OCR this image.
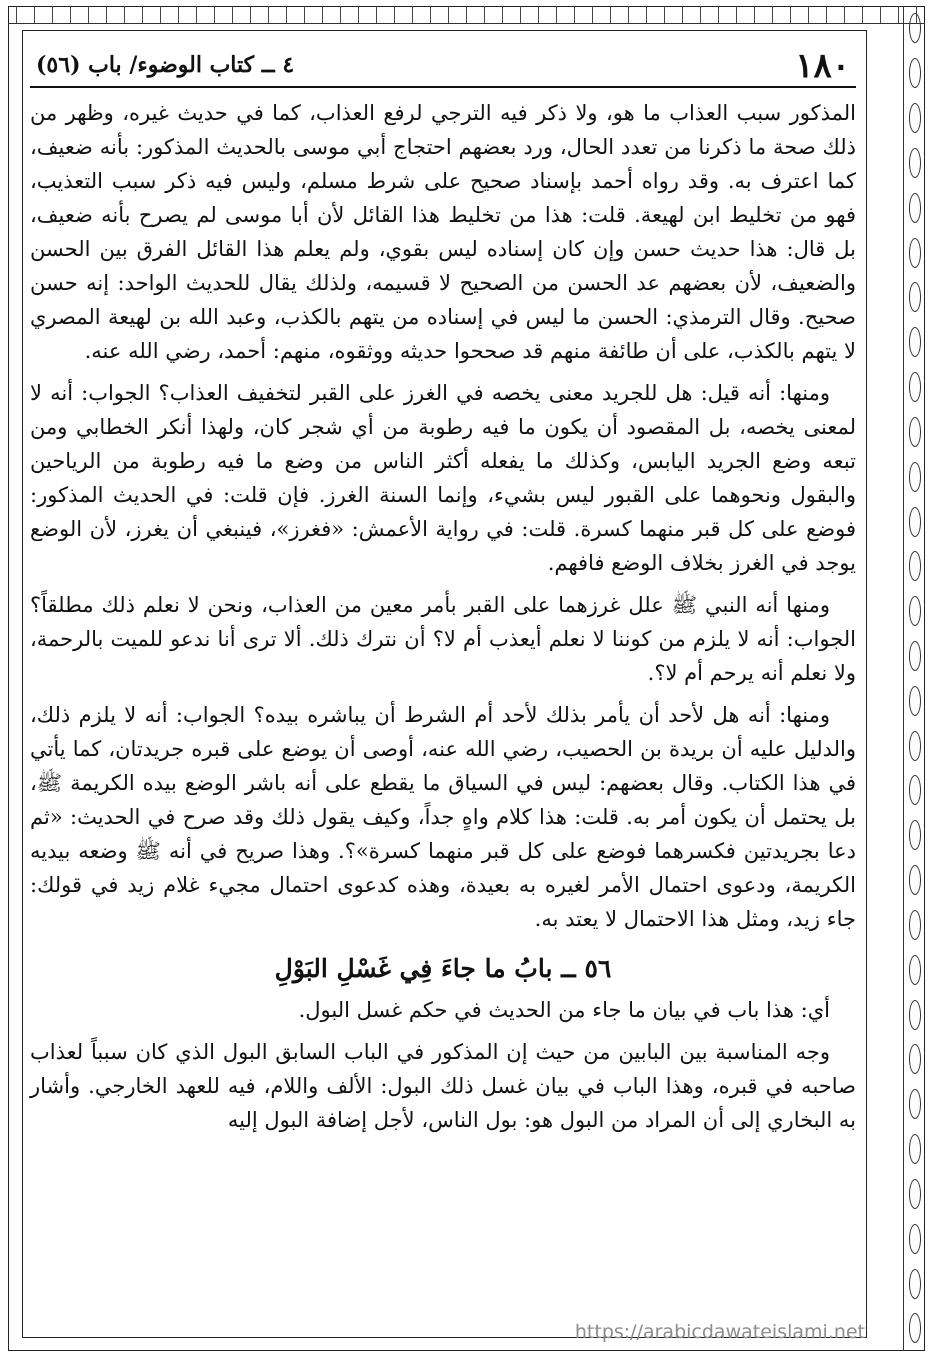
١٨٠
٤ ــ كتاب الوضوء/ باب (٥٦)

المذكور سبب العذاب ما هو، ولا ذكر فيه الترجي لرفع العذاب، كما في حديث غيره، وظهر من ذلك صحة ما ذكرنا من تعدد الحال، ورد بعضهم احتجاج أبي موسى بالحديث المذكور: بأنه ضعيف، كما اعترف به. وقد رواه أحمد بإسناد صحيح على شرط مسلم، وليس فيه ذكر سبب التعذيب، فهو من تخليط ابن لهيعة. قلت: هذا من تخليط هذا القائل لأن أبا موسى لم يصرح بأنه ضعيف، بل قال: هذا حديث حسن وإن كان إسناده ليس بقوي، ولم يعلم هذا القائل الفرق بين الحسن والضعيف، لأن بعضهم عد الحسن من الصحيح لا قسيمه، ولذلك يقال للحديث الواحد: إنه حسن صحيح. وقال الترمذي: الحسن ما ليس في إسناده من يتهم بالكذب، وعبد الله بن لهيعة المصري لا يتهم بالكذب، على أن طائفة منهم قد صححوا حديثه ووثقوه، منهم: أحمد، رضي الله عنه.

ومنها: أنه قيل: هل للجريد معنى يخصه في الغرز على القبر لتخفيف العذاب؟ الجواب: أنه لا لمعنى يخصه، بل المقصود أن يكون ما فيه رطوبة من أي شجر كان، ولهذا أنكر الخطابي ومن تبعه وضع الجريد اليابس، وكذلك ما يفعله أكثر الناس من وضع ما فيه رطوبة من الرياحين والبقول ونحوهما على القبور ليس بشيء، وإنما السنة الغرز. فإن قلت: في الحديث المذكور: فوضع على كل قبر منهما كسرة. قلت: في رواية الأعمش: «فغرز»، فينبغي أن يغرز، لأن الوضع يوجد في الغرز بخلاف الوضع فافهم.

ومنها أنه النبي ﷺ علل غرزهما على القبر بأمر معين من العذاب، ونحن لا نعلم ذلك مطلقاً؟ الجواب: أنه لا يلزم من كوننا لا نعلم أيعذب أم لا؟ أن نترك ذلك. ألا ترى أنا ندعو للميت بالرحمة، ولا نعلم أنه يرحم أم لا؟.

ومنها: أنه هل لأحد أن يأمر بذلك لأحد أم الشرط أن يباشره بيده؟ الجواب: أنه لا يلزم ذلك، والدليل عليه أن بريدة بن الحصيب، رضي الله عنه، أوصى أن يوضع على قبره جريدتان، كما يأتي في هذا الكتاب. وقال بعضهم: ليس في السياق ما يقطع على أنه باشر الوضع بيده الكريمة ﷺ، بل يحتمل أن يكون أمر به. قلت: هذا كلام واهٍ جداً، وكيف يقول ذلك وقد صرح في الحديث: «ثم دعا بجريدتين فكسرهما فوضع على كل قبر منهما كسرة»؟. وهذا صريح في أنه ﷺ وضعه بيديه الكريمة، ودعوى احتمال الأمر لغيره به بعيدة، وهذه كدعوى احتمال مجيء غلام زيد في قولك: جاء زيد، ومثل هذا الاحتمال لا يعتد به.

٥٦ ــ بابُ ما جاءَ فِي غَسْلِ البَوْلِ

أي: هذا باب في بيان ما جاء من الحديث في حكم غسل البول.

وجه المناسبة بين البابين من حيث إن المذكور في الباب السابق البول الذي كان سبباً لعذاب صاحبه في قبره، وهذا الباب في بيان غسل ذلك البول: الألف واللام، فيه للعهد الخارجي. وأشار به البخاري إلى أن المراد من البول هو: بول الناس، لأجل إضافة البول إليه

https://arabicdawateislami.net
